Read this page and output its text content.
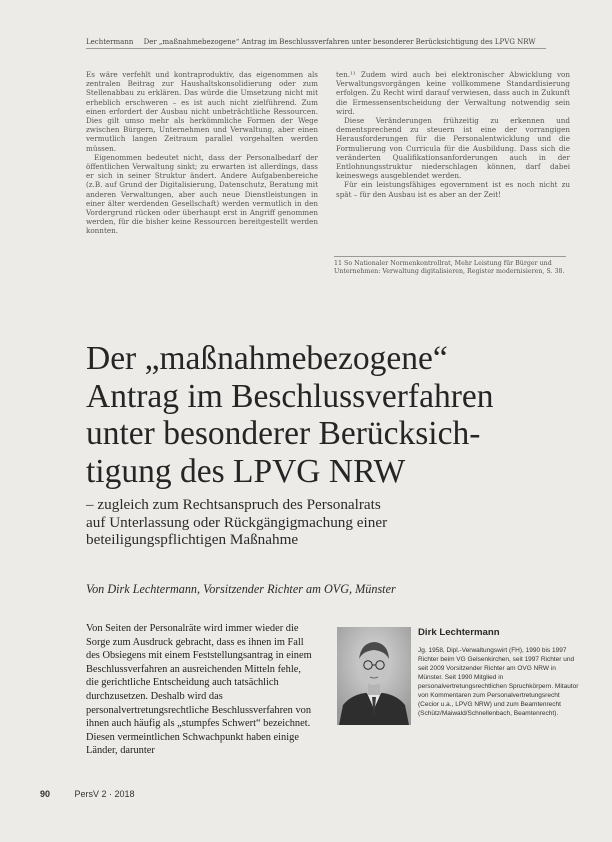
Lechtermann Der „maßnahmebezogene“ Antrag im Beschlussverfahren unter besonderer Berücksichtigung des LPVG NRW

Es wäre verfehlt und kontraproduktiv, das eigenommen als zentralen Beitrag zur Haushaltskonsolidierung oder zum Stellenabbau zu erklären. Das würde die Umsetzung nicht mit erheblich erschweren – es ist auch nicht zielführend. Zum einen erfordert der Ausbau nicht unbeträchtliche Ressourcen. Dies gilt umso mehr als herkömmliche Formen der Wege zwischen Bürgern, Unternehmen und Verwaltung, aber einen vermutlich langen Zeitraum parallel vorgehalten werden müssen.

Eigenommen bedeutet nicht, dass der Personalbedarf der öffentlichen Verwaltung sinkt; zu erwarten ist allerdings, dass er sich in seiner Struktur ändert. Andere Aufgabenbereiche (z.B. auf Grund der Digitalisierung, Datenschutz, Beratung mit anderen Verwaltungen, aber auch neue Dienstleistungen in einer älter werdenden Gesellschaft) werden vermutlich in den Vordergrund rücken oder überhaupt erst in Angriff genommen werden, für die bisher keine Ressourcen bereitgestellt werden konnten.

ten.¹¹ Zudem wird auch bei elektronischer Abwicklung von Verwaltungsvorgängen keine vollkommene Standardisierung erfolgen. Zu Recht wird darauf verwiesen, dass auch in Zukunft die Ermessensentscheidung der Verwaltung notwendig sein wird.

Diese Veränderungen frühzeitig zu erkennen und dementsprechend zu steuern ist eine der vorrangigen Herausforderungen für die Personalentwicklung und die Formulierung von Curricula für die Ausbildung. Dass sich die veränderten Qualifikationsanforderungen auch in der Entlohnungsstruktur niederschlagen können, darf dabei keineswegs ausgeblendet werden.

Für ein leistungsfähiges egovernment ist es noch nicht zu spät – für den Ausbau ist es aber an der Zeit!

11 So Nationaler Normenkontrollrat, Mehr Leistung für Bürger und Unternehmen: Verwaltung digitalisieren, Register modernisieren, S. 38.
Der „maßnahmebezogene“
Antrag im Beschlussverfahren
unter besonderer Berücksich-
tigung des LPVG NRW

– zugleich zum Rechtsanspruch des Personalrats
auf Unterlassung oder Rückgängigmachung einer
beteiligungspflichtigen Maßnahme

Von Dirk Lechtermann, Vorsitzender Richter am OVG, Münster

Von Seiten der Personalräte wird immer wieder die Sorge zum Ausdruck gebracht, dass es ihnen im Fall des Obsiegens mit einem Feststellungsantrag in einem Beschlussverfahren an ausreichenden Mitteln fehle, die gerichtliche Entscheidung auch tatsächlich durchzusetzen. Deshalb wird das personalvertretungsrechtliche Beschlussverfahren von ihnen auch häufig als „stumpfes Schwert“ bezeichnet. Diesen vermeintlichen Schwachpunkt haben einige Länder, darunter

Dirk Lechtermann

Jg. 1958, Dipl.-Verwaltungswirt (FH), 1990 bis 1997 Richter beim VG Gelsenkirchen, seit 1997 Richter und seit 2009 Vorsitzender Richter am OVG NRW in Münster. Seit 1990 Mitglied in personalvertretungsrechtlichen Spruchkörpern. Mitautor von Kommentaren zum Personalvertretungsrecht (Cecior u.a., LPVG NRW) und zum Beamtenrecht (Schütz/Maiwald/Schnellenbach, Beamtenrecht).

90	PersV 2 · 2018
